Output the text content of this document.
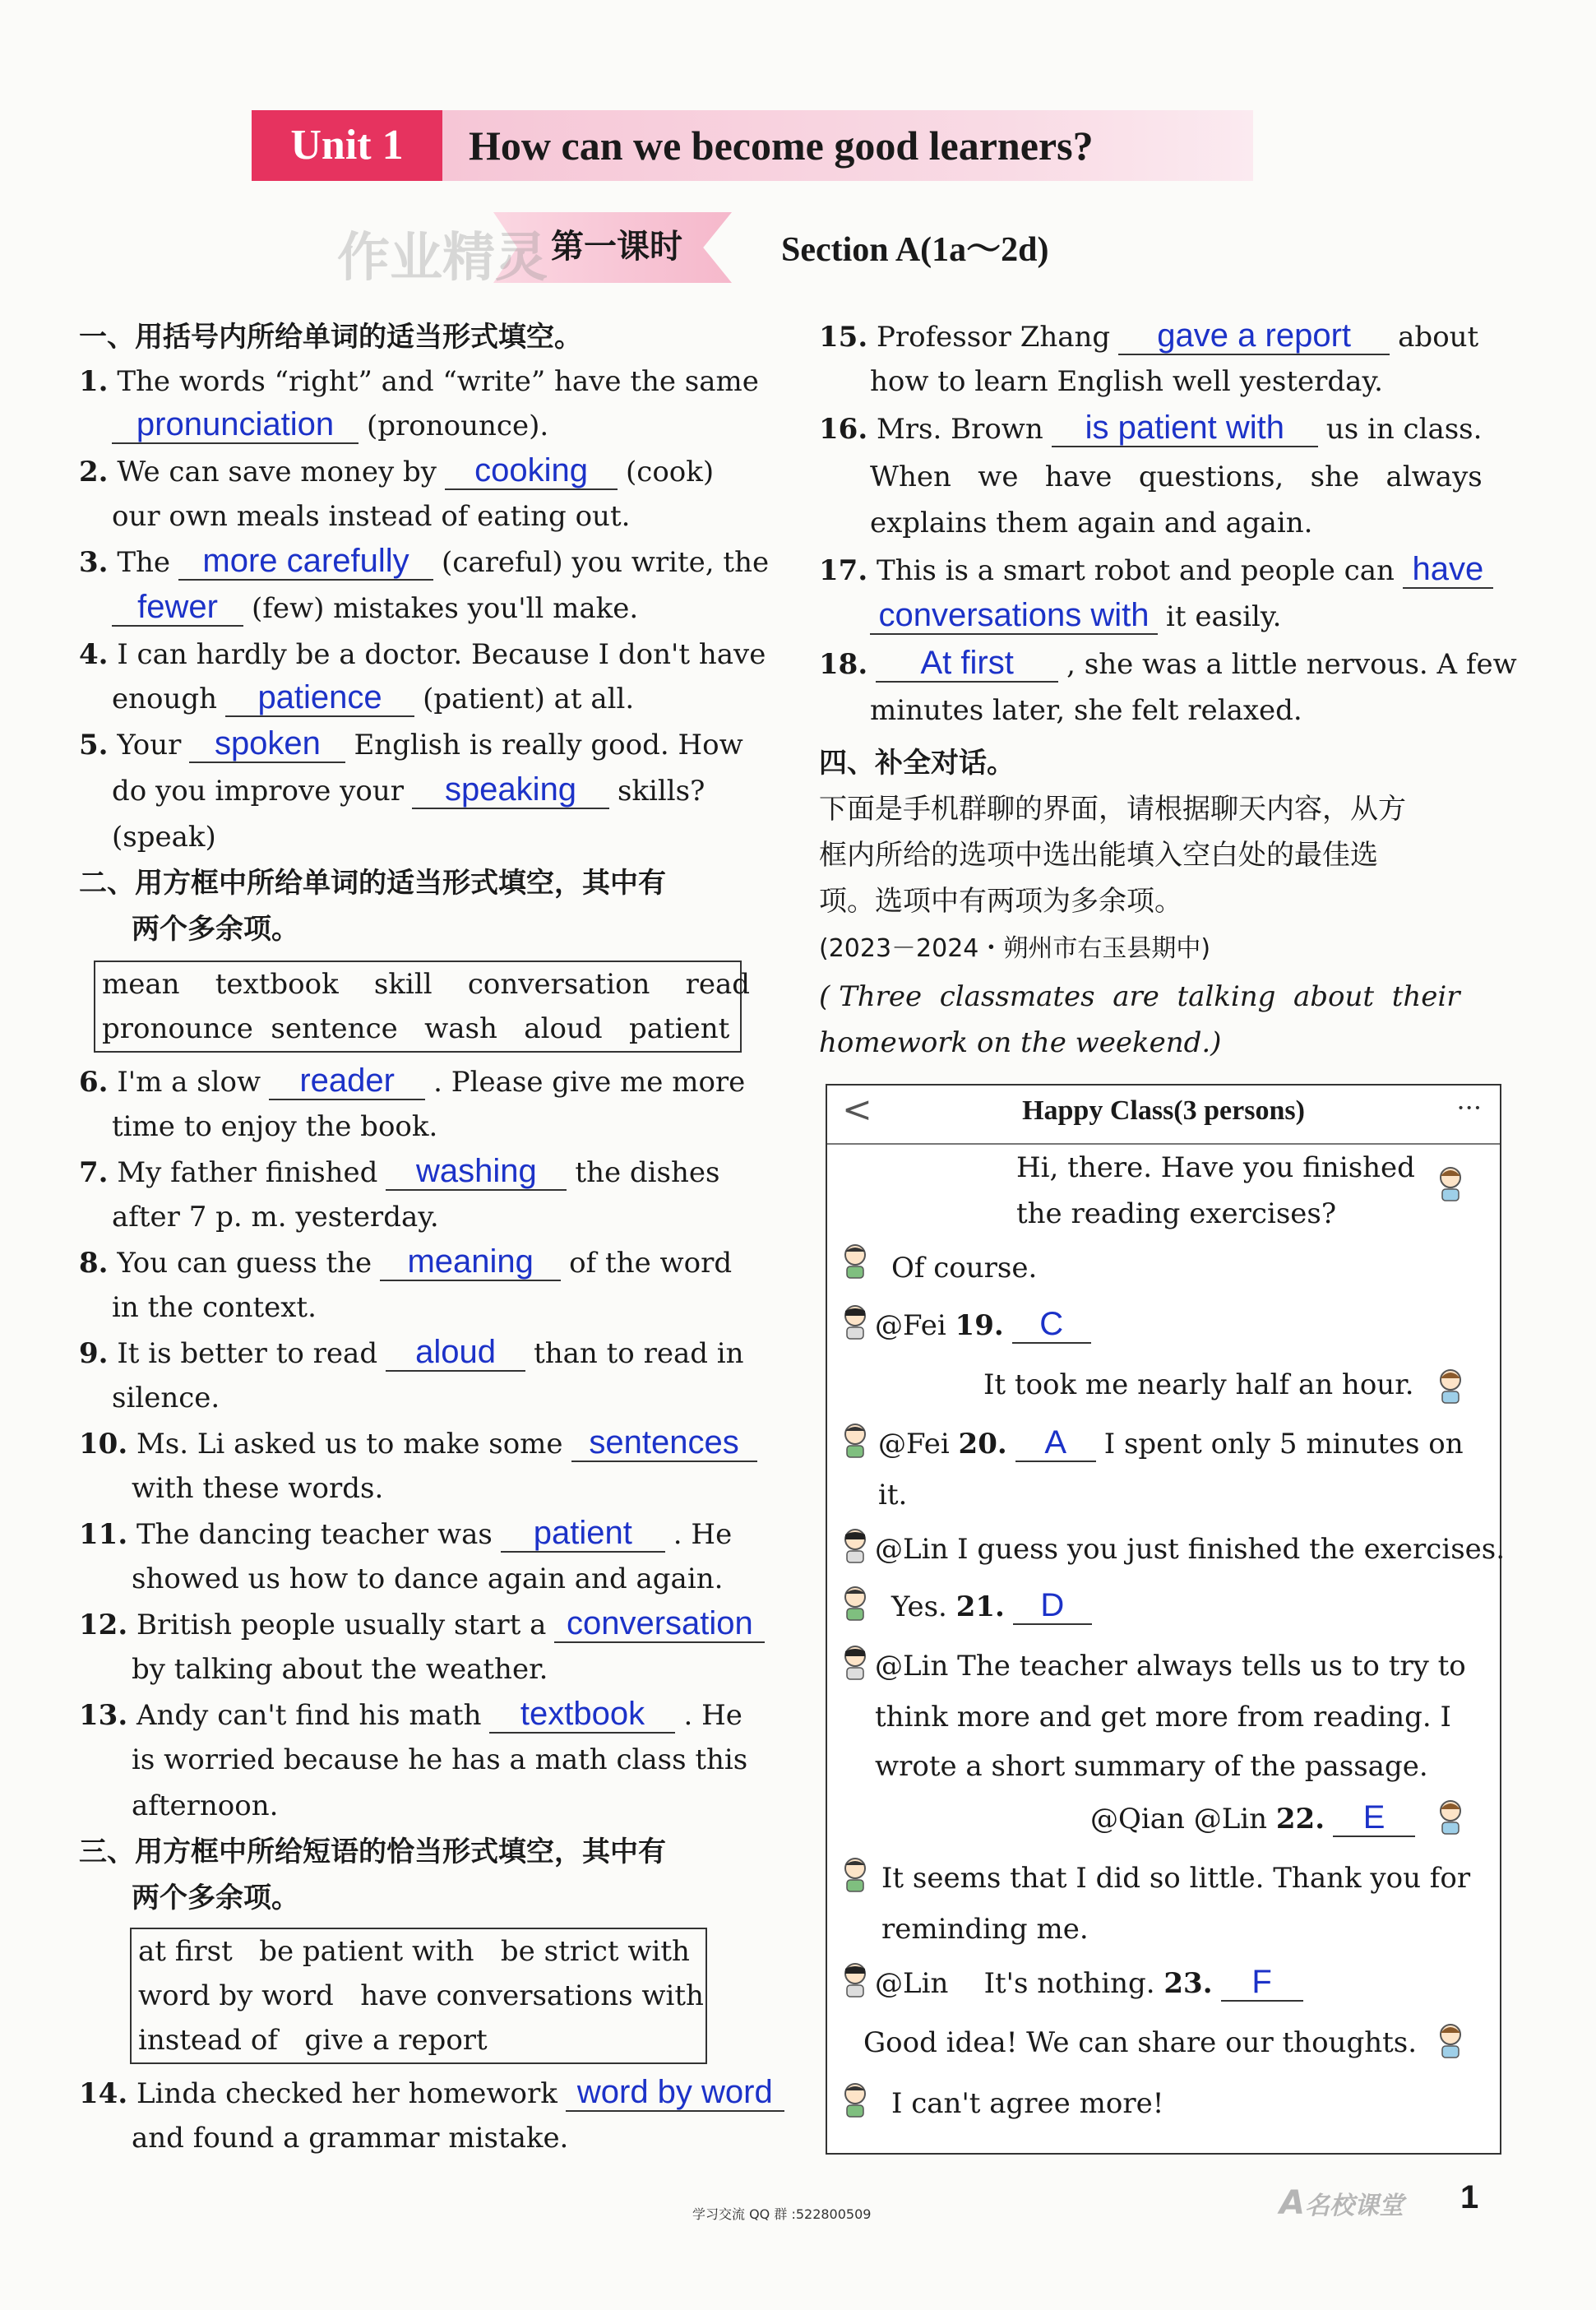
Unit 1	How can we become good learners?
第一课时	Section A(1a～2d)
作业精灵
一、用括号内所给单词的适当形式填空。
1. The words “right” and “write” have the same
pronunciation (pronounce).
2. We can save money by cooking (cook)
our own meals instead of eating out.
3. The more carefully (careful) you write, the
fewer (few) mistakes you'll make.
4. I can hardly be a doctor. Because I don't have
enough patience (patient) at all.
5. Your spoken English is really good. How
do you improve your speaking skills?
(speak)
二、用方框中所给单词的适当形式填空，其中有
两个多余项。
mean    textbook    skill    conversation    read
pronounce  sentence   wash   aloud   patient
6. I'm a slow reader . Please give me more
time to enjoy the book.
7. My father finished washing the dishes
after 7 p. m. yesterday.
8. You can guess the meaning of the word
in the context.
9. It is better to read aloud than to read in
silence.
10. Ms. Li asked us to make some sentences
with these words.
11. The dancing teacher was patient . He
showed us how to dance again and again.
12. British people usually start a conversation
by talking about the weather.
13. Andy can't find his math textbook . He
is worried because he has a math class this
afternoon.
三、用方框中所给短语的恰当形式填空，其中有
两个多余项。
at first   be patient with   be strict with
word by word   have conversations with
instead of   give a report
14. Linda checked her homework word by word
and found a grammar mistake.
15. Professor Zhang gave a report about
how to learn English well yesterday.
16. Mrs. Brown is patient with us in class.
When   we   have   questions,   she   always
explains them again and again.
17. This is a smart robot and people can have
conversations with it easily.
18. At first , she was a little nervous. A few
minutes later, she felt relaxed.
四、补全对话。
下面是手机群聊的界面，请根据聊天内容，从方
框内所给的选项中选出能填入空白处的最佳选
项。选项中有两项为多余项。
(2023－2024・朔州市右玉县期中)
( Three  classmates  are  talking  about  their
homework on the weekend.)
<	Happy Class(3 persons)	···
Hi, there. Have you finished
the reading exercises?
Of course.
@Fei 19. C
It took me nearly half an hour.
@Fei 20. A I spent only 5 minutes on
it.
@Lin I guess you just finished the exercises.
Yes. 21. D
@Lin The teacher always tells us to try to
think more and get more from reading. I
wrote a short summary of the passage.
@Qian @Lin 22. E
It seems that I did so little. Thank you for
reminding me.
@Lin    It's nothing. 23. F
Good idea! We can share our thoughts.
I can't agree more!
学习交流 QQ 群 :522800509	A名校课堂 1
